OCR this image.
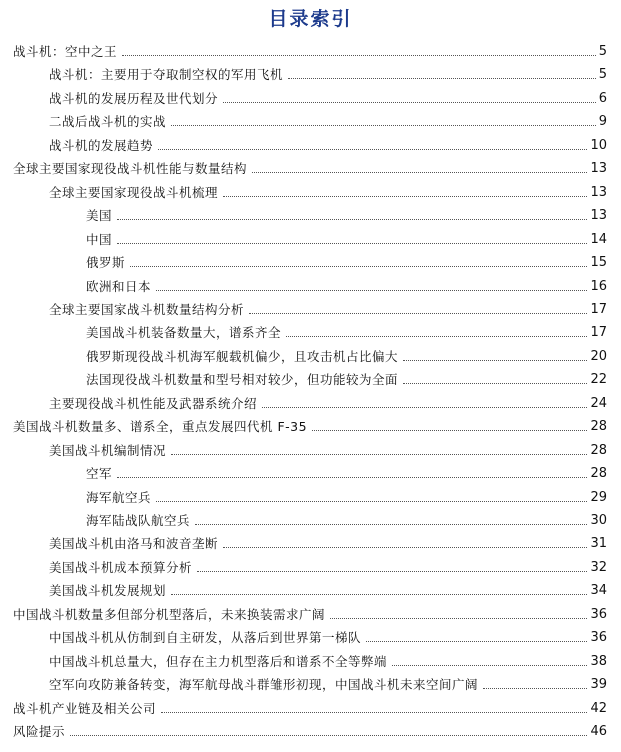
目录索引
战斗机：空中之王	5
战斗机：主要用于夺取制空权的军用飞机	5
战斗机的发展历程及世代划分	6
二战后战斗机的实战	9
战斗机的发展趋势	10
全球主要国家现役战斗机性能与数量结构	13
全球主要国家现役战斗机梳理	13
美国	13
中国	14
俄罗斯	15
欧洲和日本	16
全球主要国家战斗机数量结构分析	17
美国战斗机装备数量大，谱系齐全	17
俄罗斯现役战斗机海军舰载机偏少，且攻击机占比偏大	20
法国现役战斗机数量和型号相对较少，但功能较为全面	22
主要现役战斗机性能及武器系统介绍	24
美国战斗机数量多、谱系全，重点发展四代机 F-35	28
美国战斗机编制情况	28
空军	28
海军航空兵	29
海军陆战队航空兵	30
美国战斗机由洛马和波音垄断	31
美国战斗机成本预算分析	32
美国战斗机发展规划	34
中国战斗机数量多但部分机型落后，未来换装需求广阔	36
中国战斗机从仿制到自主研发，从落后到世界第一梯队	36
中国战斗机总量大，但存在主力机型落后和谱系不全等弊端	38
空军向攻防兼备转变，海军航母战斗群雏形初现，中国战斗机未来空间广阔	39
战斗机产业链及相关公司	42
风险提示	46
